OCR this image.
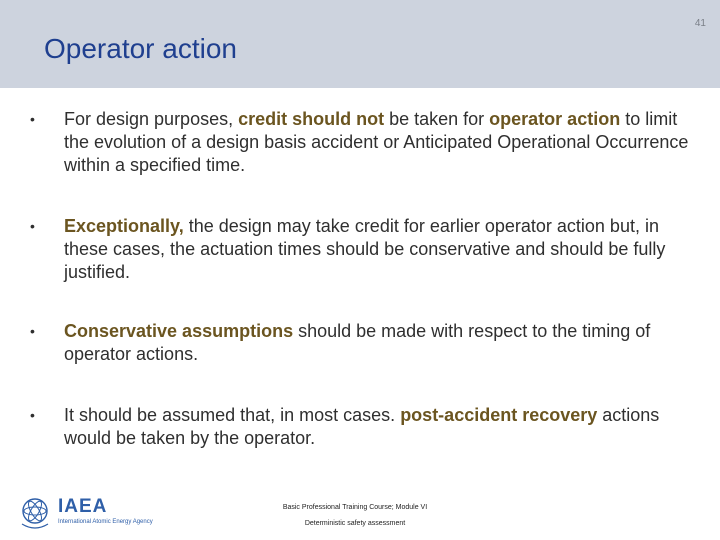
41
Operator action
• For design purposes, credit should not be taken for operator action to limit the evolution of a design basis accident or Anticipated Operational Occurrence within a specified time.
• Exceptionally, the design may take credit for earlier operator action but, in these cases, the actuation times should be conservative and should be fully justified.
• Conservative assumptions should be made with respect to the timing of operator actions.
• It should be assumed that, in most cases. post-accident recovery actions would be taken by the operator.
IAEA
International Atomic Energy Agency
Basic Professional Training Course; Module VI
Deterministic safety assessment
